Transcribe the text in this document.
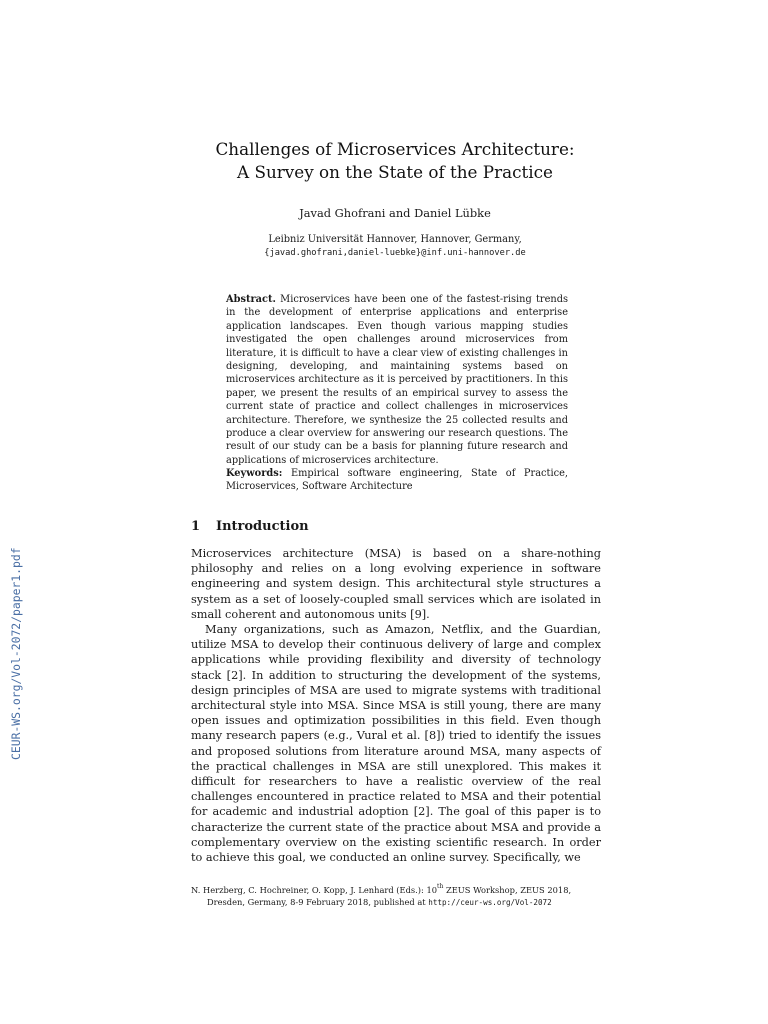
CEUR-WS.org/Vol-2072/paper1.pdf
Challenges of Microservices Architecture:
A Survey on the State of the Practice
Javad Ghofrani and Daniel Lübke
Leibniz Universität Hannover, Hannover, Germany,
{javad.ghofrani,daniel-luebke}@inf.uni-hannover.de
Abstract. Microservices have been one of the fastest-rising trends in the development of enterprise applications and enterprise application landscapes. Even though various mapping studies investigated the open challenges around microservices from literature, it is difficult to have a clear view of existing challenges in designing, developing, and maintaining systems based on microservices architecture as it is perceived by practitioners. In this paper, we present the results of an empirical survey to assess the current state of practice and collect challenges in microservices architecture. Therefore, we synthesize the 25 collected results and produce a clear overview for answering our research questions. The result of our study can be a basis for planning future research and applications of microservices architecture.
Keywords: Empirical software engineering, State of Practice, Microservices, Software Architecture
1 Introduction

Microservices architecture (MSA) is based on a share-nothing philosophy and relies on a long evolving experience in software engineering and system design. This architectural style structures a system as a set of loosely-coupled small services which are isolated in small coherent and autonomous units [9].

Many organizations, such as Amazon, Netflix, and the Guardian, utilize MSA to develop their continuous delivery of large and complex applications while providing flexibility and diversity of technology stack [2]. In addition to structuring the development of the systems, design principles of MSA are used to migrate systems with traditional architectural style into MSA. Since MSA is still young, there are many open issues and optimization possibilities in this field. Even though many research papers (e.g., Vural et al. [8]) tried to identify the issues and proposed solutions from literature around MSA, many aspects of the practical challenges in MSA are still unexplored. This makes it difficult for researchers to have a realistic overview of the real challenges encountered in practice related to MSA and their potential for academic and industrial adoption [2]. The goal of this paper is to characterize the current state of the practice about MSA and provide a complementary overview on the existing scientific research. In order to achieve this goal, we conducted an online survey. Specifically, we

N. Herzberg, C. Hochreiner, O. Kopp, J. Lenhard (Eds.): 10th ZEUS Workshop, ZEUS 2018,
Dresden, Germany, 8-9 February 2018, published at http://ceur-ws.org/Vol-2072
